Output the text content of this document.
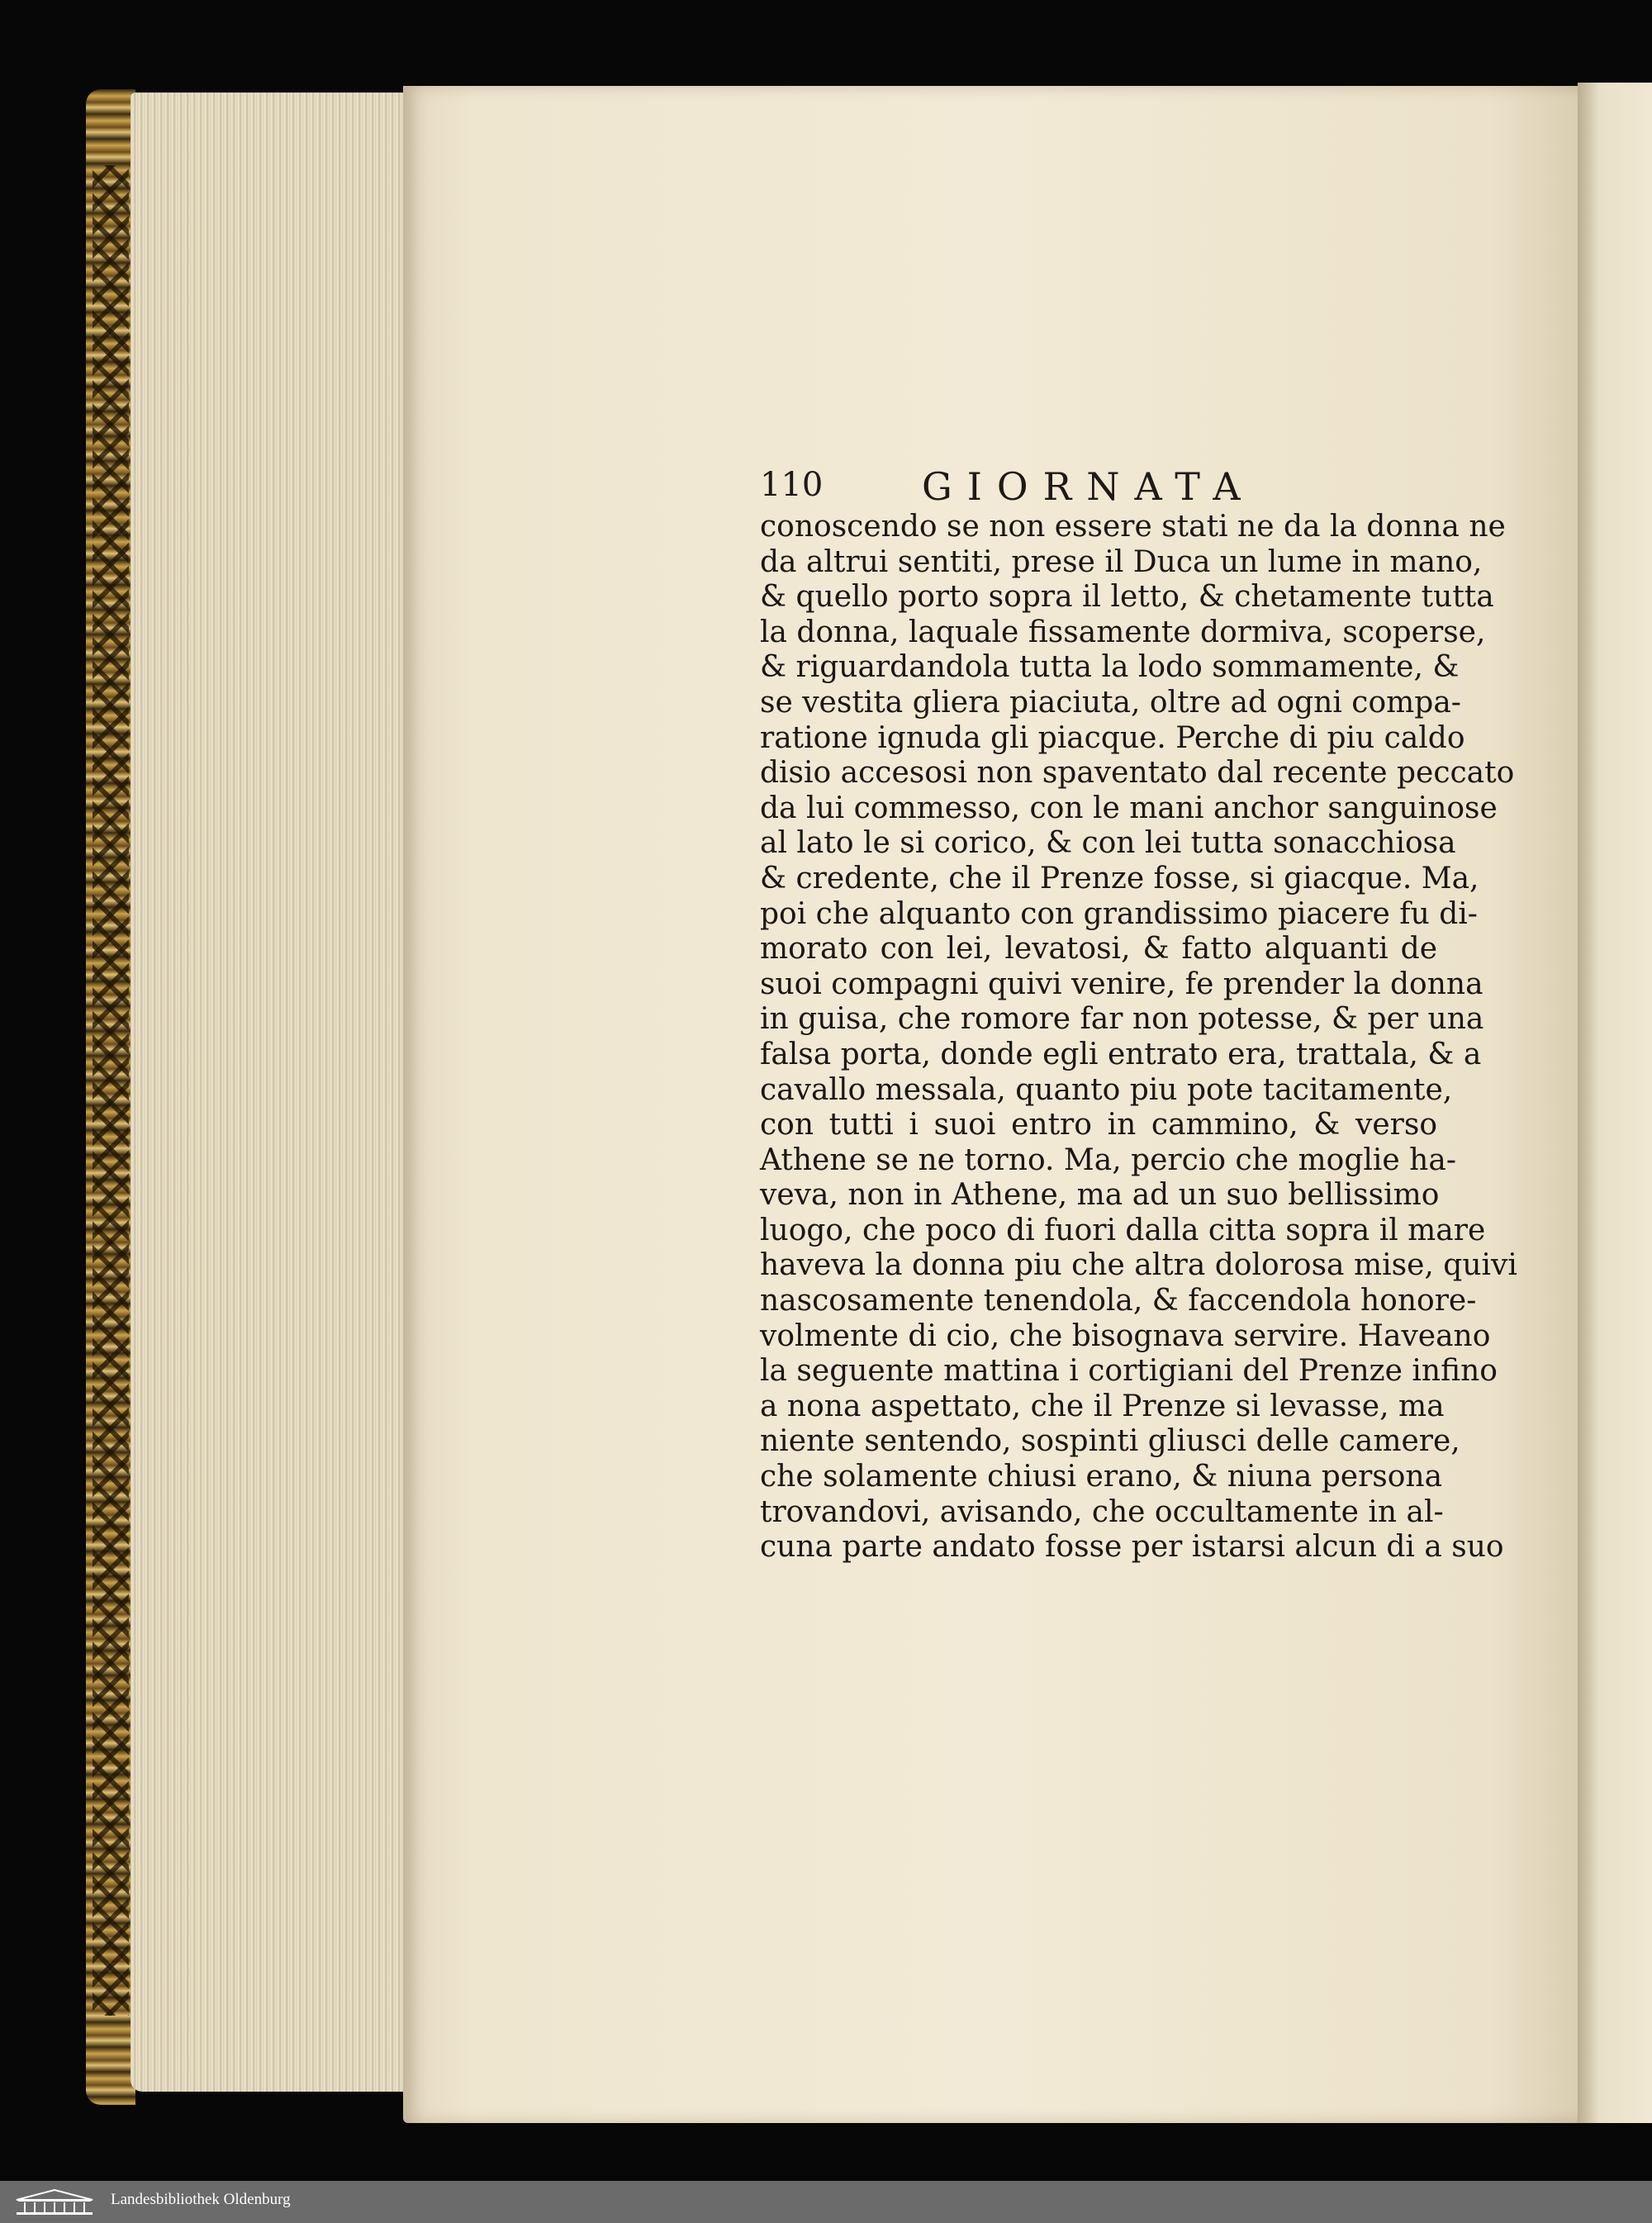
110	GIORNATA
conoscendo se non essere stati ne da la donna ne
da altrui sentiti, prese il Duca un lume in mano,
& quello porto sopra il letto, & chetamente tutta
la donna, laquale fissamente dormiva, scoperse,
& riguardandola tutta la lodo sommamente, &
se vestita gliera piaciuta, oltre ad ogni compa-
ratione ignuda gli piacque. Perche di piu caldo
disio accesosi non spaventato dal recente peccato
da lui commesso, con le mani anchor sanguinose
al lato le si corico, & con lei tutta sonacchiosa
& credente, che il Prenze fosse, si giacque. Ma,
poi che alquanto con grandissimo piacere fu di-
morato con lei, levatosi, & fatto alquanti de
suoi compagni quivi venire, fe prender la donna
in guisa, che romore far non potesse, & per una
falsa porta, donde egli entrato era, trattala, & a
cavallo messala, quanto piu pote tacitamente,
con tutti i suoi entro in cammino, & verso
Athene se ne torno. Ma, percio che moglie ha-
veva, non in Athene, ma ad un suo bellissimo
luogo, che poco di fuori dalla citta sopra il mare
haveva la donna piu che altra dolorosa mise, quivi
nascosamente tenendola, & faccendola honore-
volmente di cio, che bisognava servire. Haveano
la seguente mattina i cortigiani del Prenze infino
a nona aspettato, che il Prenze si levasse, ma
niente sentendo, sospinti gliusci delle camere,
che solamente chiusi erano, & niuna persona
trovandovi, avisando, che occultamente in al-
cuna parte andato fosse per istarsi alcun di a suo
Landesbibliothek Oldenburg
